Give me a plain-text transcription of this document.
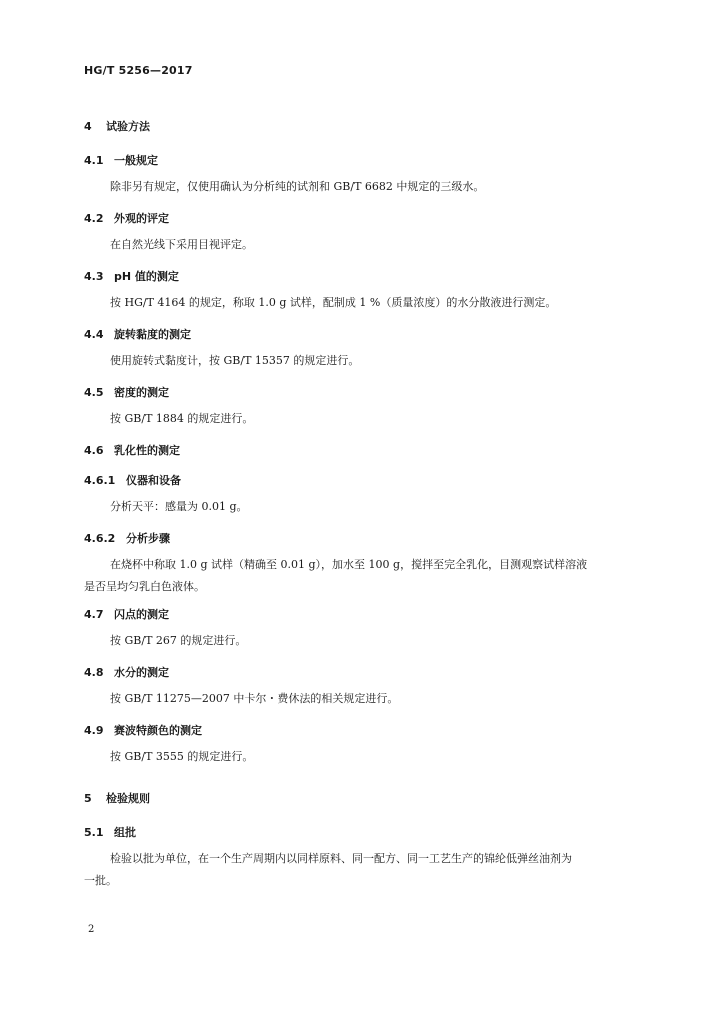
HG/T 5256—2017
4 试验方法
4.1 一般规定
除非另有规定，仅使用确认为分析纯的试剂和 GB/T 6682 中规定的三级水。
4.2 外观的评定
在自然光线下采用目视评定。
4.3 pH 值的测定
按 HG/T 4164 的规定，称取 1.0 g 试样，配制成 1 %（质量浓度）的水分散液进行测定。
4.4 旋转黏度的测定
使用旋转式黏度计，按 GB/T 15357 的规定进行。
4.5 密度的测定
按 GB/T 1884 的规定进行。
4.6 乳化性的测定
4.6.1 仪器和设备
分析天平：感量为 0.01 g。
4.6.2 分析步骤
在烧杯中称取 1.0 g 试样（精确至 0.01 g），加水至 100 g，搅拌至完全乳化，目测观察试样溶液
是否呈均匀乳白色液体。
4.7 闪点的测定
按 GB/T 267 的规定进行。
4.8 水分的测定
按 GB/T 11275—2007 中卡尔・费休法的相关规定进行。
4.9 赛波特颜色的测定
按 GB/T 3555 的规定进行。
5 检验规则
5.1 组批
检验以批为单位，在一个生产周期内以同样原料、同一配方、同一工艺生产的锦纶低弹丝油剂为
一批。
2
